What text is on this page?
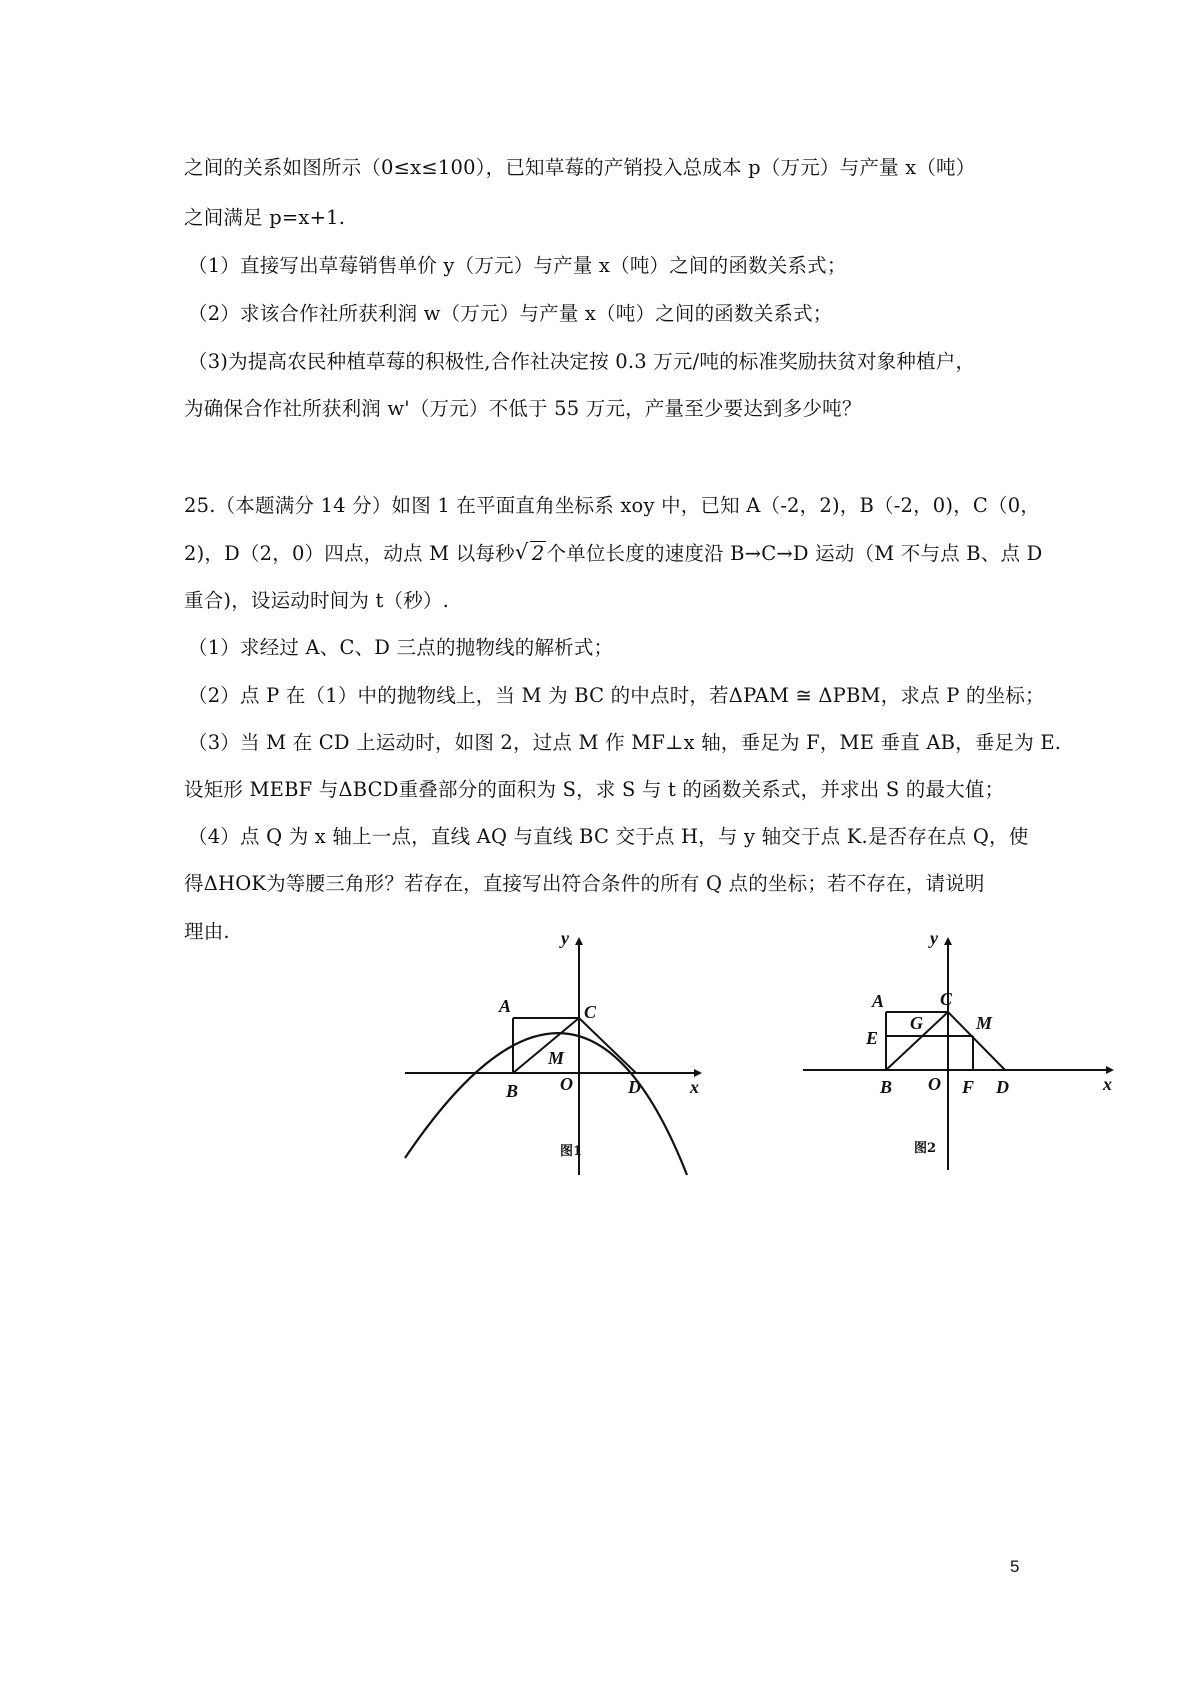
之间的关系如图所示（0≤x≤100），已知草莓的产销投入总成本 p（万元）与产量 x（吨）
之间满足 p=x+1.
（1）直接写出草莓销售单价 y（万元）与产量 x（吨）之间的函数关系式；
（2）求该合作社所获利润 w（万元）与产量 x（吨）之间的函数关系式；
（3)为提高农民种植草莓的积极性,合作社决定按 0.3 万元/吨的标准奖励扶贫对象种植户，
为确保合作社所获利润 w'（万元）不低于 55 万元，产量至少要达到多少吨？
25.（本题满分 14 分）如图 1 在平面直角坐标系 xoy 中，已知 A（-2，2)，B（-2，0)，C（0，
2)，D（2，0）四点，动点 M 以每秒 √ 2 个单位长度的速度沿 B→C→D 运动（M 不与点 B、点 D
重合)，设运动时间为 t（秒）.
（1）求经过 A、C、D 三点的抛物线的解析式；
（2）点 P 在（1）中的抛物线上，当 M 为 BC 的中点时，若ΔPAM ≅ ΔPBM，求点 P 的坐标；
（3）当 M 在 CD 上运动时，如图 2，过点 M 作 MF⊥x 轴，垂足为 F，ME 垂直 AB，垂足为 E.
设矩形 MEBF 与ΔBCD重叠部分的面积为 S，求 S 与 t 的函数关系式，并求出 S 的最大值；
（4）点 Q 为 x 轴上一点，直线 AQ 与直线 BC 交于点 H，与 y 轴交于点 K.是否存在点 Q，使
得ΔHOK为等腰三角形？若存在，直接写出符合条件的所有 Q 点的坐标；若不存在，请说明
理由.	y
x
A	C
M
B O	D
图1
y
x
A	C
G	M
E
B O F D
图2
5
